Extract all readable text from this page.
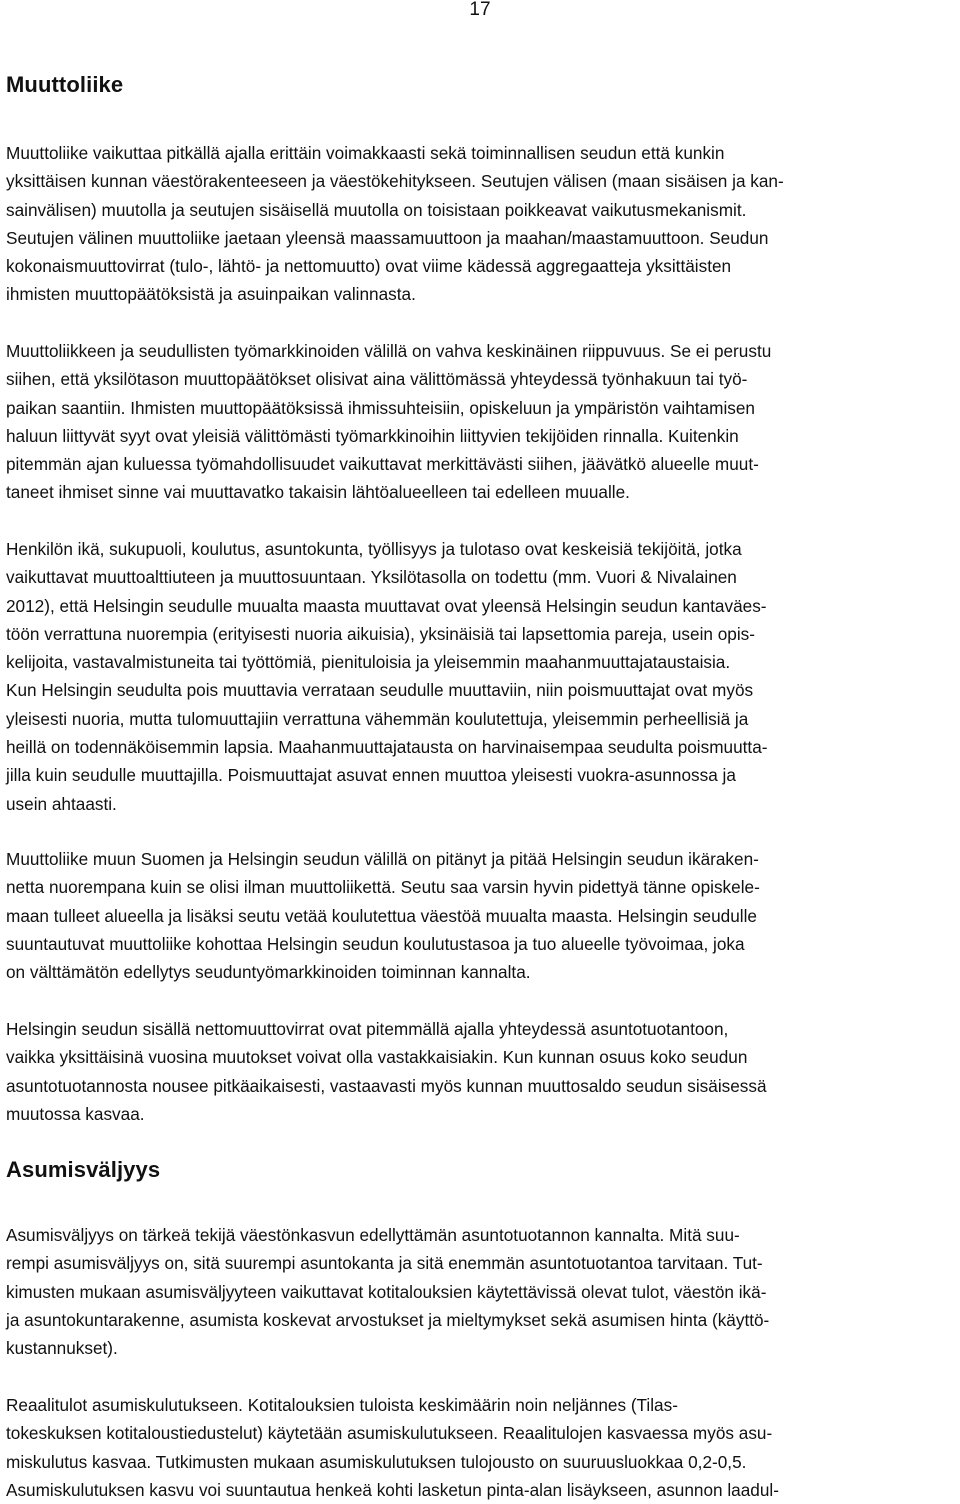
17
Muuttoliike

Muuttoliike vaikuttaa pitkällä ajalla erittäin voimakkaasti sekä toiminnallisen seudun että kunkin
yksittäisen kunnan väestörakenteeseen ja väestökehitykseen. Seutujen välisen (maan sisäisen ja kan-
sainvälisen) muutolla ja seutujen sisäisellä muutolla on toisistaan poikkeavat vaikutusmekanismit.
Seutujen välinen muuttoliike jaetaan yleensä maassamuuttoon ja maahan/maastamuuttoon. Seudun
kokonaismuuttovirrat (tulo-, lähtö- ja nettomuutto) ovat viime kädessä aggregaatteja yksittäisten
ihmisten muuttopäätöksistä ja asuinpaikan valinnasta.

Muuttoliikkeen ja seudullisten työmarkkinoiden välillä on vahva keskinäinen riippuvuus. Se ei perustu
siihen, että yksilötason muuttopäätökset olisivat aina välittömässä yhteydessä työnhakuun tai työ-
paikan saantiin. Ihmisten muuttopäätöksissä ihmissuhteisiin, opiskeluun ja ympäristön vaihtamisen
haluun liittyvät syyt ovat yleisiä välittömästi työmarkkinoihin liittyvien tekijöiden rinnalla. Kuitenkin
pitemmän ajan kuluessa työmahdollisuudet vaikuttavat merkittävästi siihen, jäävätkö alueelle muut-
taneet ihmiset sinne vai muuttavatko takaisin lähtöalueelleen tai edelleen muualle.

Henkilön ikä, sukupuoli, koulutus, asuntokunta, työllisyys ja tulotaso ovat keskeisiä tekijöitä, jotka
vaikuttavat muuttoalttiuteen ja muuttosuuntaan. Yksilötasolla on todettu (mm. Vuori & Nivalainen
2012), että Helsingin seudulle muualta maasta muuttavat ovat yleensä Helsingin seudun kantaväes-
töön verrattuna nuorempia (erityisesti nuoria aikuisia), yksinäisiä tai lapsettomia pareja, usein opis-
kelijoita, vastavalmistuneita tai työttömiä, pienituloisia ja yleisemmin maahanmuuttajataustaisia.
Kun Helsingin seudulta pois muuttavia verrataan seudulle muuttaviin, niin poismuuttajat ovat myös
yleisesti nuoria, mutta tulomuuttajiin verrattuna vähemmän koulutettuja, yleisemmin perheellisiä ja
heillä on todennäköisemmin lapsia. Maahanmuuttajatausta on harvinaisempaa seudulta poismuutta-
jilla kuin seudulle muuttajilla. Poismuuttajat asuvat ennen muuttoa yleisesti vuokra-asunnossa ja
usein ahtaasti.

Muuttoliike muun Suomen ja Helsingin seudun välillä on pitänyt ja pitää Helsingin seudun ikäraken-
netta nuorempana kuin se olisi ilman muuttoliikettä. Seutu saa varsin hyvin pidettyä tänne opiskele-
maan tulleet alueella ja lisäksi seutu vetää koulutettua väestöä muualta maasta. Helsingin seudulle
suuntautuvat muuttoliike kohottaa Helsingin seudun koulutustasoa ja tuo alueelle työvoimaa, joka
on välttämätön edellytys seuduntyömarkkinoiden toiminnan kannalta.

Helsingin seudun sisällä nettomuuttovirrat ovat pitemmällä ajalla yhteydessä asuntotuotantoon,
vaikka yksittäisinä vuosina muutokset voivat olla vastakkaisiakin. Kun kunnan osuus koko seudun
asuntotuotannosta nousee pitkäaikaisesti, vastaavasti myös kunnan muuttosaldo seudun sisäisessä
muutossa kasvaa.

Asumisväljyys

Asumisväljyys on tärkeä tekijä väestönkasvun edellyttämän asuntotuotannon kannalta. Mitä suu-
rempi asumisväljyys on, sitä suurempi asuntokanta ja sitä enemmän asuntotuotantoa tarvitaan. Tut-
kimusten mukaan asumisväljyyteen vaikuttavat kotitalouksien käytettävissä olevat tulot, väestön ikä-
ja asuntokuntarakenne, asumista koskevat arvostukset ja mieltymykset sekä asumisen hinta (käyttö-
kustannukset).

Reaalitulot asumiskulutukseen. Kotitalouksien tuloista keskimäärin noin neljännes (Tilas-
tokeskuksen kotitaloustiedustelut) käytetään asumiskulutukseen. Reaalitulojen kasvaessa myös asu-
miskulutus kasvaa. Tutkimusten mukaan asumiskulutuksen tulojousto on suuruusluokkaa 0,2-0,5.
Asumiskulutuksen kasvu voi suuntautua henkeä kohti lasketun pinta-alan lisäykseen, asunnon laadul-
